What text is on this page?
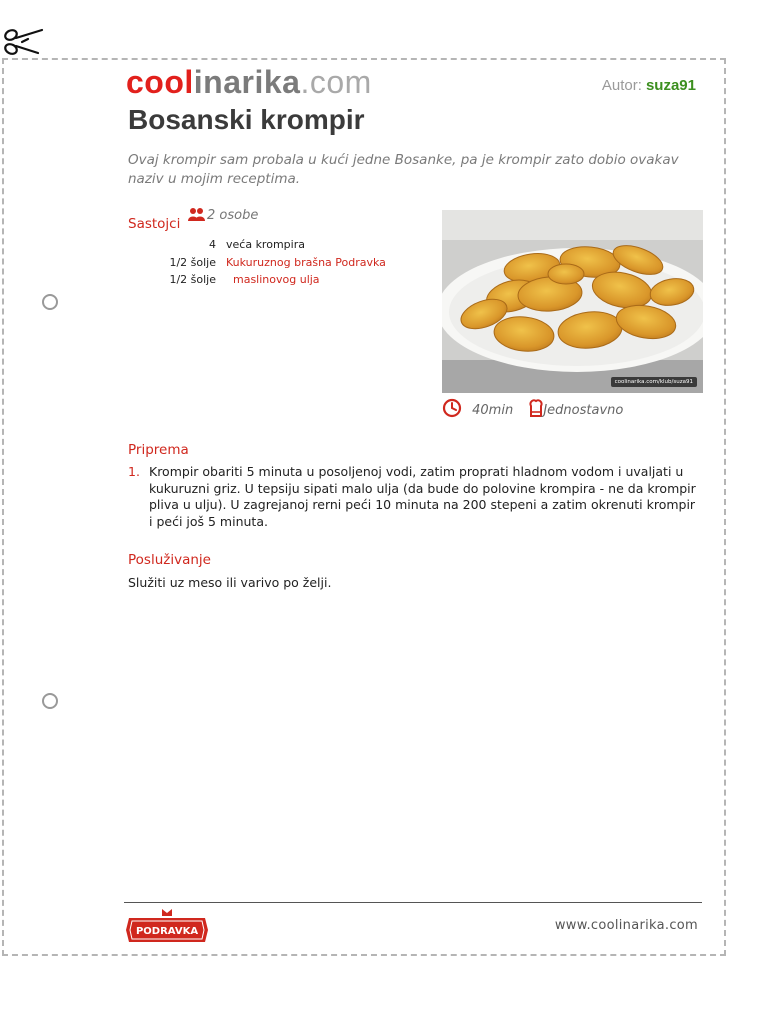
coolinarika.com	Autor: suza91
Bosanski krompir
Ovaj krompir sam probala u kući jedne Bosanke, pa je krompir zato dobio ovakav naziv u mojim receptima.
Sastojci
2 osobe
4 veća krompira
1/2 šolje Kukuruznog brašna Podravka
1/2 šolje maslinovog ulja
coolinarika.com/klub/suza91
40min Jednostavno
Priprema
1. Krompir obariti 5 minuta u posoljenoj vodi, zatim proprati hladnom vodom i uvaljati u kukuruzni griz. U tepsiju sipati malo ulja (da bude do polovine krompira - ne da krompir pliva u ulju). U zagrejanoj rerni peći 10 minuta na 200 stepeni a zatim okrenuti krompir i peći još 5 minuta.
Posluživanje
Služiti uz meso ili varivo po želji.
PODRAVKA	www.coolinarika.com
